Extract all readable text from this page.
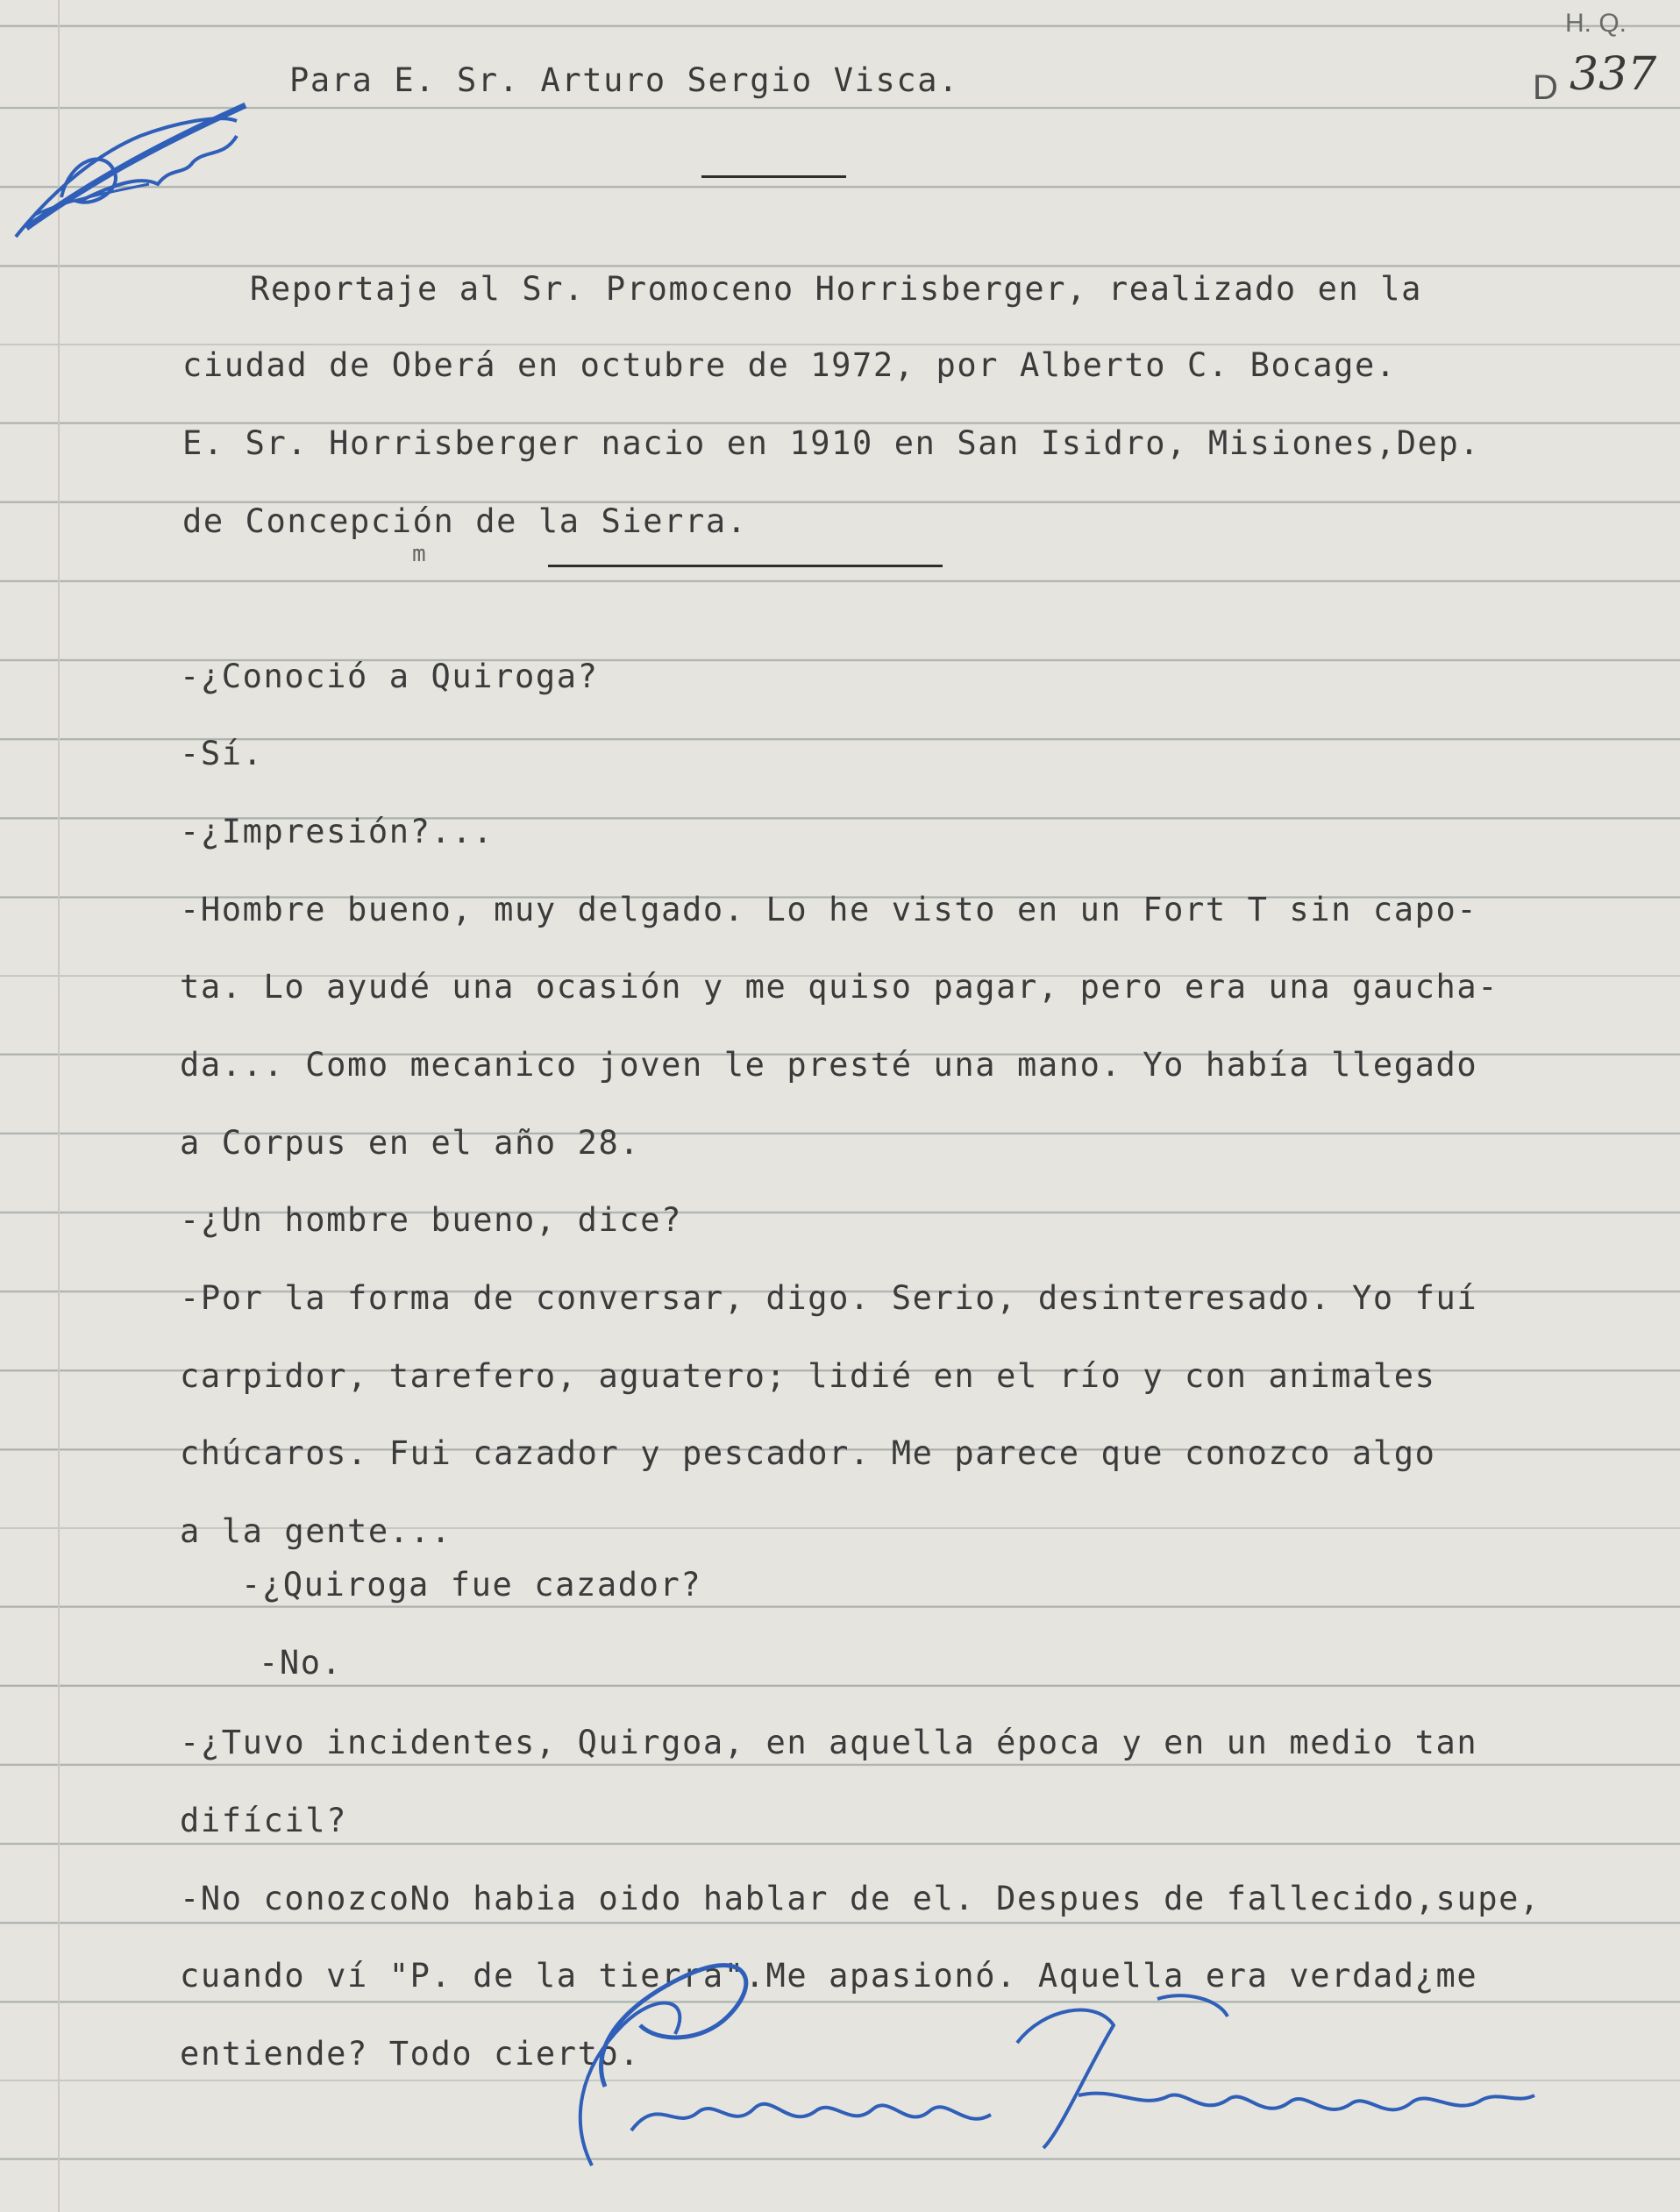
H. Q.
D 337
Para E. Sr. Arturo Sergio Visca.
Reportaje al Sr. Promoceno Horrisberger, realizado en la
ciudad de Oberá en octubre de 1972, por Alberto C. Bocage.
E. Sr. Horrisberger nacio en 1910 en San Isidro, Misiones,Dep.
de Concepción de la Sierra.
m
-¿Conoció a Quiroga?
-Sí.
-¿Impresión?...
-Hombre bueno, muy delgado. Lo he visto en un Fort T sin capo-
ta. Lo ayudé una ocasión y me quiso pagar, pero era una gaucha-
da... Como mecanico joven le presté una mano. Yo había llegado
a Corpus en el año 28.
-¿Un hombre bueno, dice?
-Por la forma de conversar, digo. Serio, desinteresado. Yo fuí
carpidor, tarefero, aguatero; lidié en el río y con animales
chúcaros. Fui cazador y pescador. Me parece que conozco algo
a la gente...
-¿Quiroga fue cazador?
-No.
-¿Tuvo incidentes, Quirgoa, en aquella época y en un medio tan
difícil?
-No conozcoNo habia oido hablar de el. Despues de fallecido,supe,
cuando ví "P. de la tierra".Me apasionó. Aquella era verdad¿me
entiende? Todo cierto.
